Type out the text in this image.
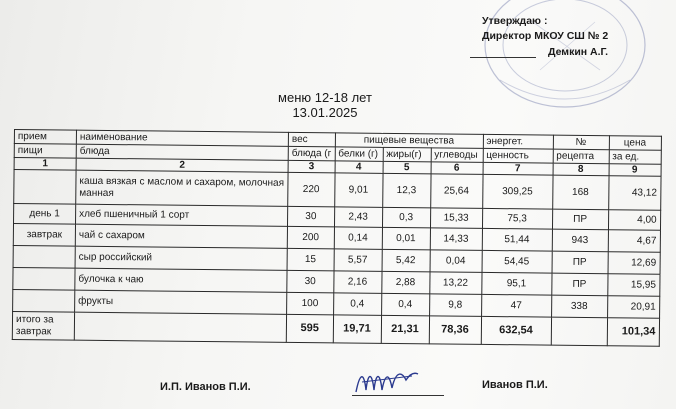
Утверждаю :
Директор МКОУ СШ № 2
Демкин А.Г.
меню 12-18 лет
13.01.2025
прием	наименование	вес	пищевые вещества			энергет.	№	цена
пищи	блюда	блюда (г	белки (г)	жиры(г)	углеводы	ценность	рецепта	за ед.
1	2	3	4	5	6	7	8	9
	каша вязкая с маслом и сахаром, молочная манная	220	9,01	12,3	25,64	309,25	168	43,12
день 1	хлеб пшеничный 1 сорт	30	2,43	0,3	15,33	75,3	ПР	4,00
завтрак	чай с сахаром	200	0,14	0,01	14,33	51,44	943	4,67
	сыр российский	15	5,57	5,42	0,04	54,45	ПР	12,69
	булочка к чаю	30	2,16	2,88	13,22	95,1	ПР	15,95
	фрукты	100	0,4	0,4	9,8	47	338	20,91
итого за
завтрак		595	19,71	21,31	78,36	632,54		101,34
И.П. Иванов П.И.	Иванов П.И.
